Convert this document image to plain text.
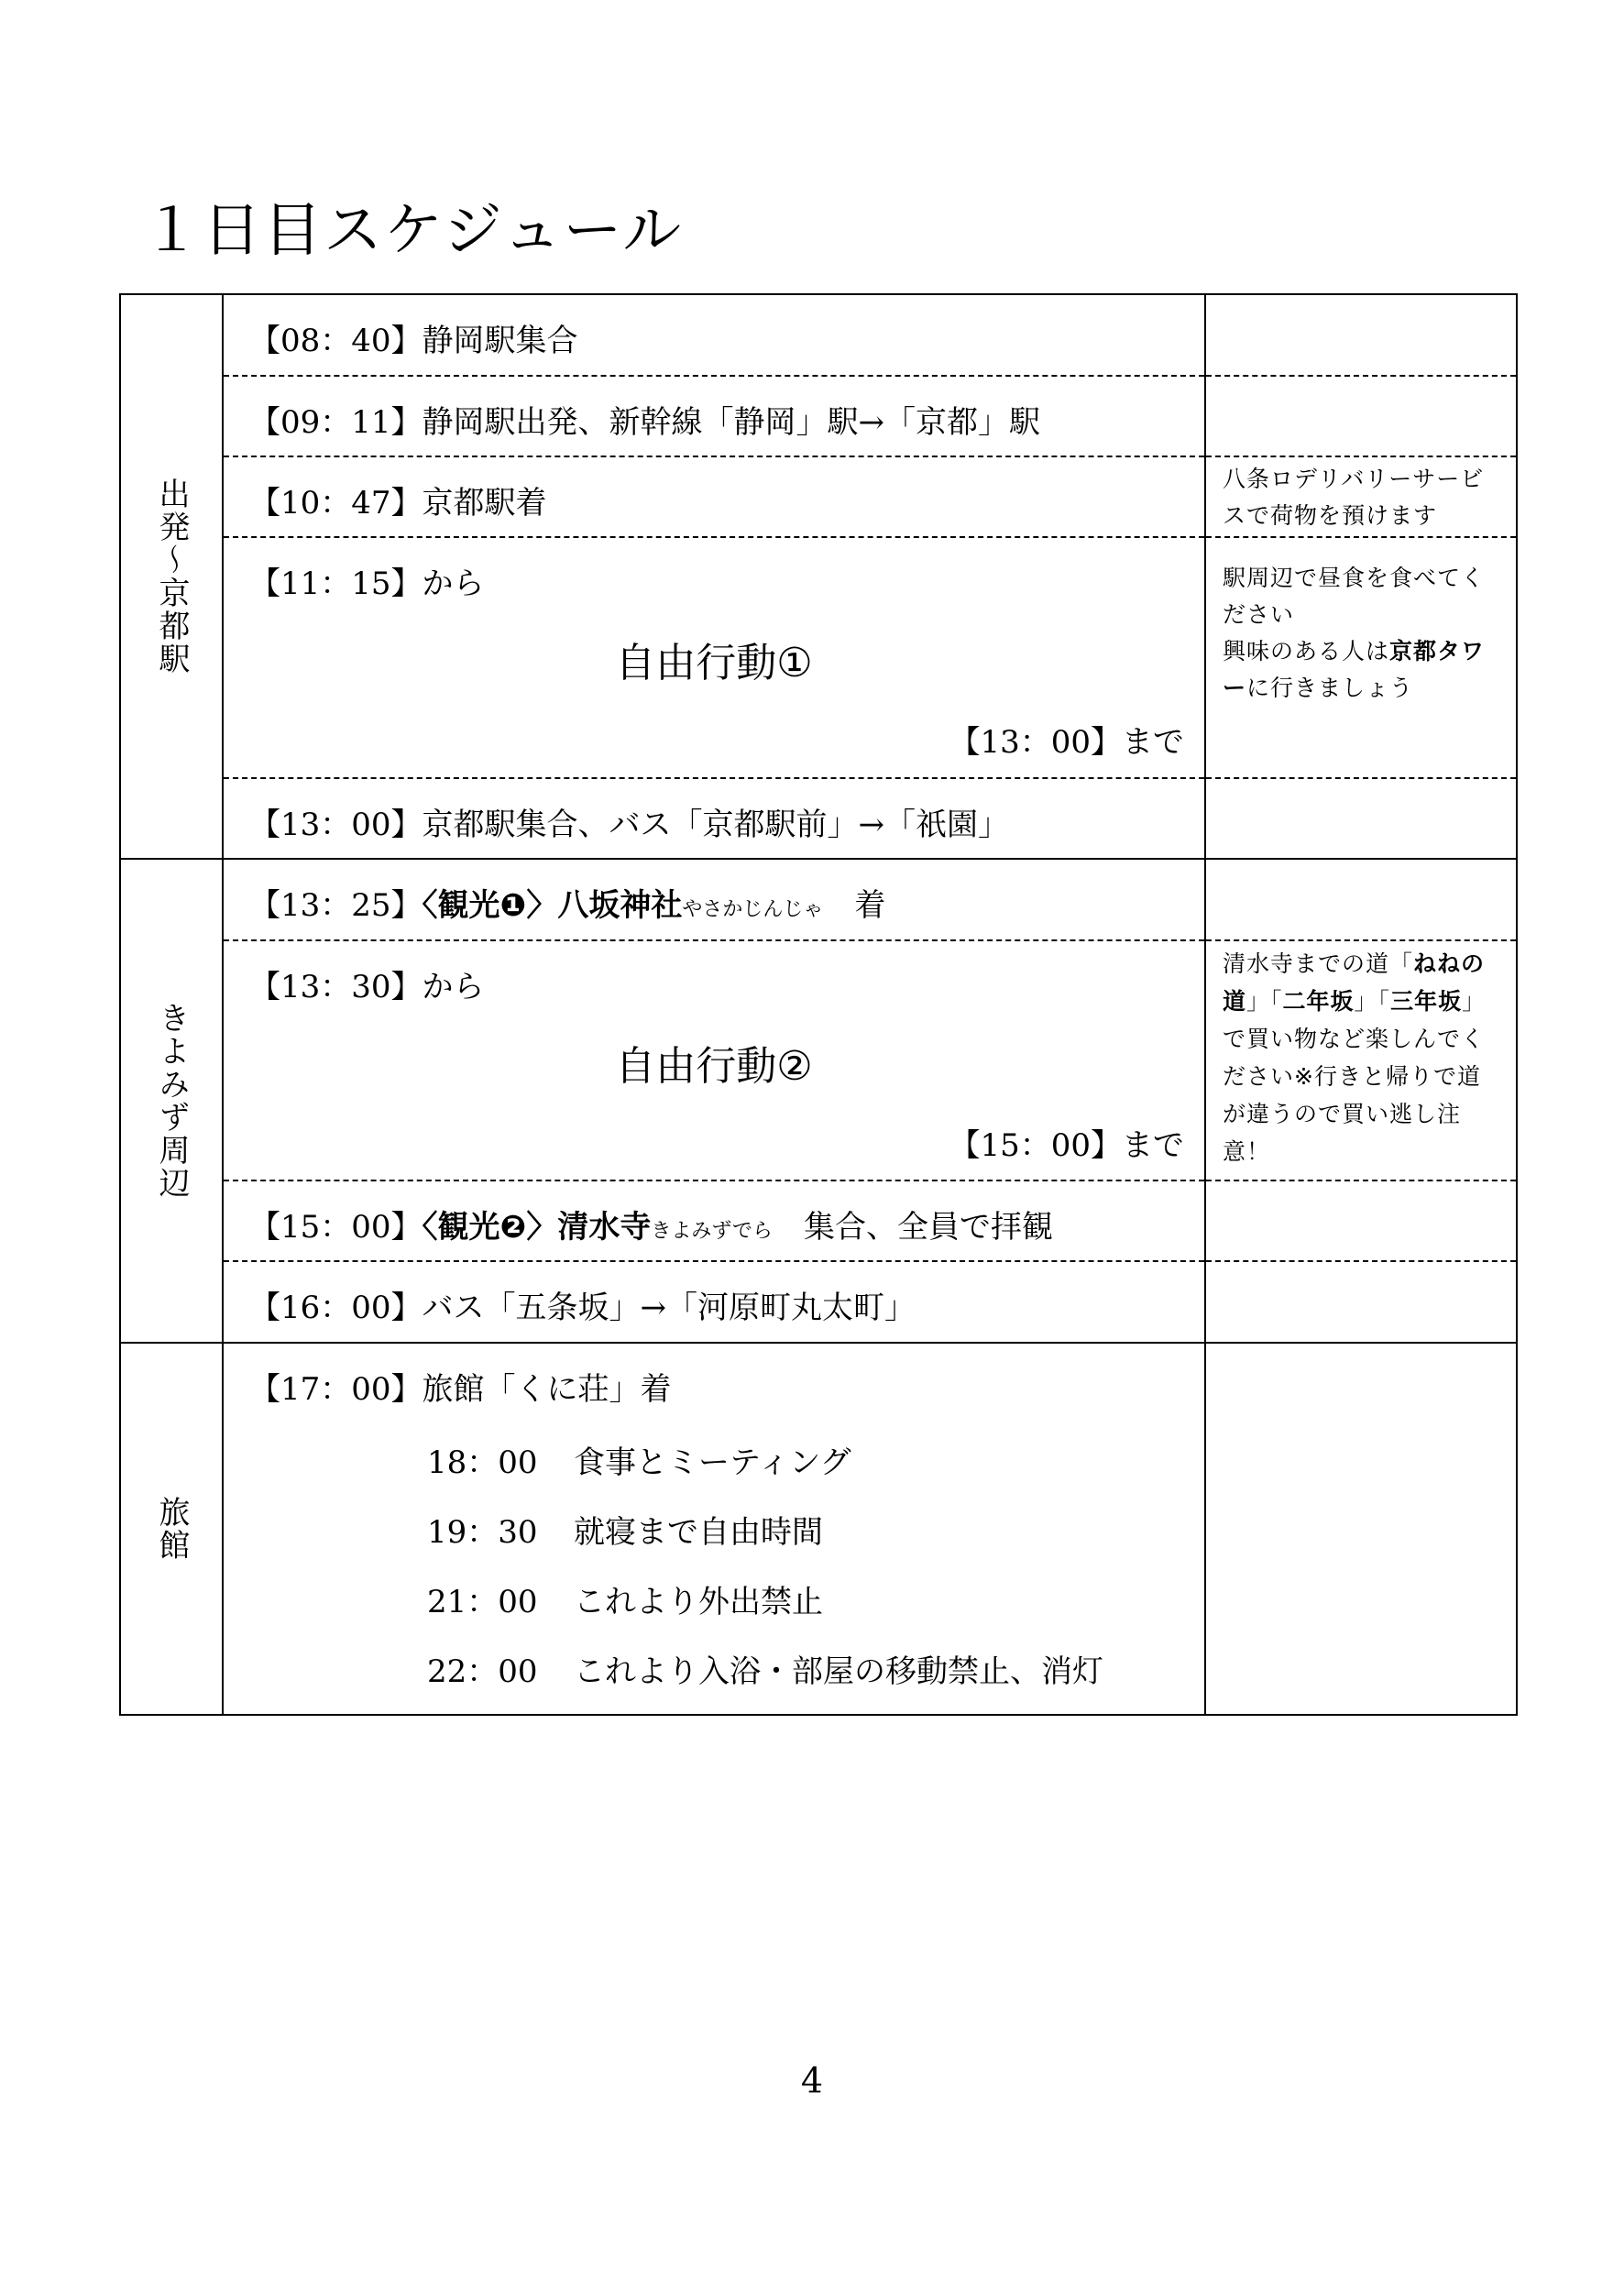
１日目スケジュール
出発～京都駅
【08：40】静岡駅集合
【09：11】静岡駅出発、新幹線「静岡」駅→「京都」駅
【10：47】京都駅着
【11：15】から
自由行動①
【13：00】まで
【13：00】京都駅集合、バス「京都駅前」→「祇園」
八条ロデリバリーサービスで荷物を預けます
駅周辺で昼食を食べてください
興味のある人は京都タワーに行きましょう
きよみず周辺
【13：25】〈観光❶〉八坂神社やさかじんじゃ　 着
【13：30】から
自由行動②
【15：00】まで
【15：00】〈観光❷〉清水寺きよみずでら　 集合、全員で拝観
【16：00】バス「五条坂」→「河原町丸太町」
清水寺までの道「ねねの道」「二年坂」「三年坂」で買い物など楽しんでください※行きと帰りで道が違うので買い逃し注意！
旅館
【17：00】旅館「くに荘」着
18：00 食事とミーティング
19：30 就寝まで自由時間
21：00 これより外出禁止
22：00 これより入浴・部屋の移動禁止、消灯
4
